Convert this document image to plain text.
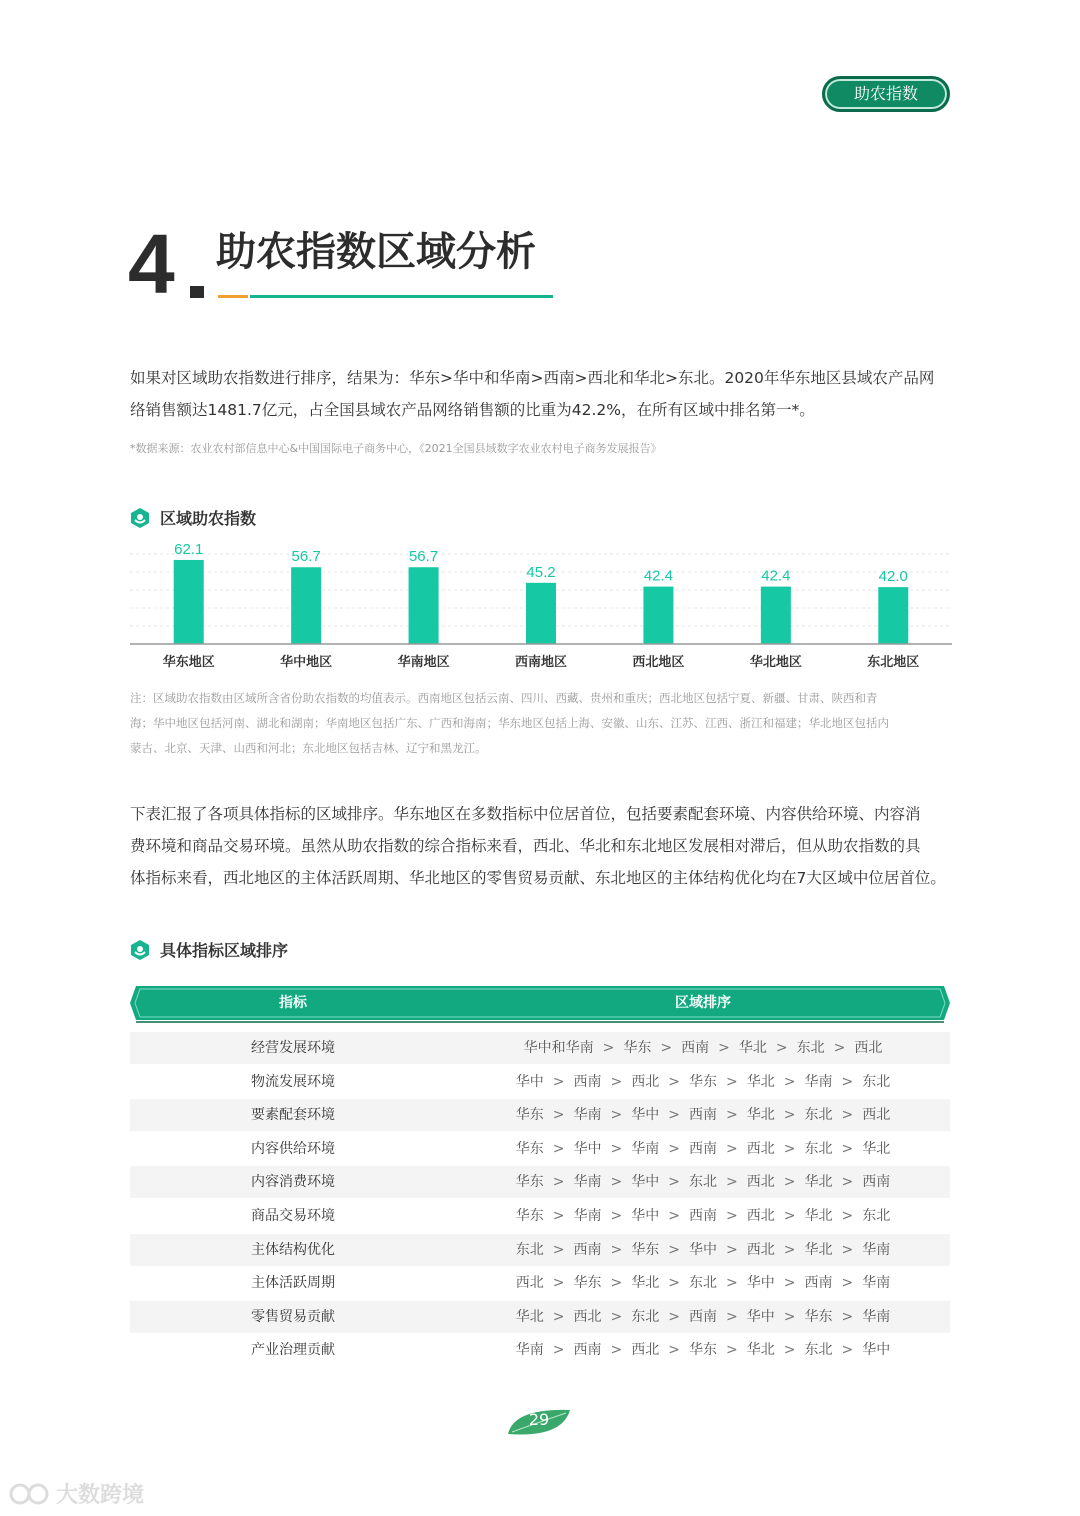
助农指数
4 助农指数区域分析
如果对区域助农指数进行排序，结果为：华东>华中和华南>西南>西北和华北>东北。2020年华东地区县域农产品网
络销售额达1481.7亿元，占全国县域农产品网络销售额的比重为42.2%，在所有区域中排名第一*。
*数据来源：农业农村部信息中心&中国国际电子商务中心，《2021全国县域数字农业农村电子商务发展报告》
区域助农指数
62.1
华东地区
56.7
华中地区
56.7
华南地区
45.2
西南地区
42.4
西北地区
42.4
华北地区
42.0
东北地区
注：区域助农指数由区域所含省份助农指数的均值表示。西南地区包括云南、四川、西藏、贵州和重庆；西北地区包括宁夏、新疆、甘肃、陕西和青
海；华中地区包括河南、湖北和湖南；华南地区包括广东、广西和海南；华东地区包括上海、安徽、山东、江苏、江西、浙江和福建；华北地区包括内
蒙古、北京、天津、山西和河北；东北地区包括吉林、辽宁和黑龙江。
下表汇报了各项具体指标的区域排序。华东地区在多数指标中位居首位，包括要素配套环境、内容供给环境、内容消
费环境和商品交易环境。虽然从助农指数的综合指标来看，西北、华北和东北地区发展相对滞后，但从助农指数的具
体指标来看，西北地区的主体活跃周期、华北地区的零售贸易贡献、东北地区的主体结构优化均在7大区域中位居首位。
具体指标区域排序
指标	区域排序
经营发展环境	华中和华南 > 华东 > 西南 > 华北 > 东北 > 西北
物流发展环境	华中 > 西南 > 西北 > 华东 > 华北 > 华南 > 东北
要素配套环境	华东 > 华南 > 华中 > 西南 > 华北 > 东北 > 西北
内容供给环境	华东 > 华中 > 华南 > 西南 > 西北 > 东北 > 华北
内容消费环境	华东 > 华南 > 华中 > 东北 > 西北 > 华北 > 西南
商品交易环境	华东 > 华南 > 华中 > 西南 > 西北 > 华北 > 东北
主体结构优化	东北 > 西南 > 华东 > 华中 > 西北 > 华北 > 华南
主体活跃周期	西北 > 华东 > 华北 > 东北 > 华中 > 西南 > 华南
零售贸易贡献	华北 > 西北 > 东北 > 西南 > 华中 > 华东 > 华南
产业治理贡献	华南 > 西南 > 西北 > 华东 > 华北 > 东北 > 华中
29
大数跨境
